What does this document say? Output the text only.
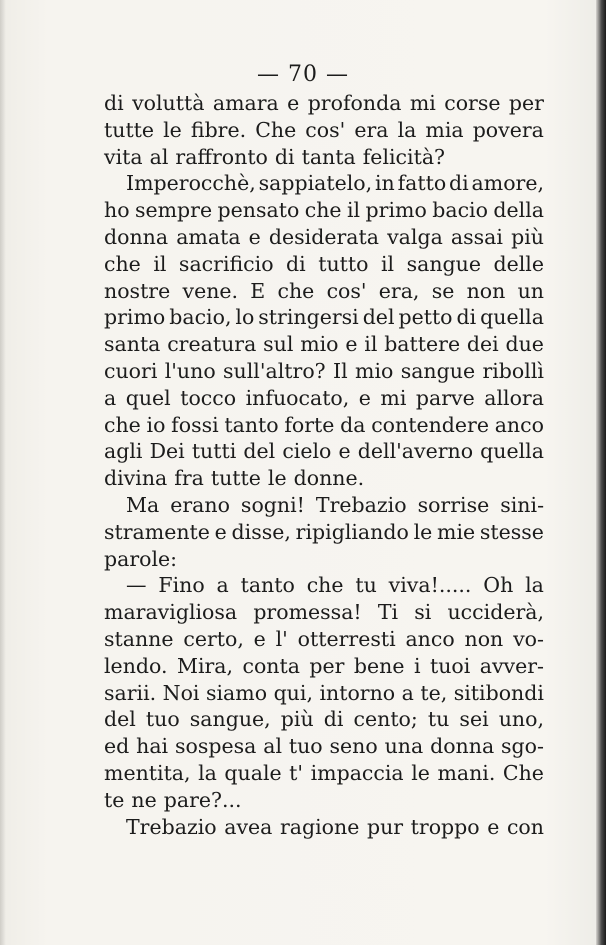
— 70 —
di voluttà amara e profonda mi corse per
tutte le fibre. Che cos' era la mia povera
vita al raffronto di tanta felicità?
Imperocchè, sappiatelo, in fatto di amore,
ho sempre pensato che il primo bacio della
donna amata e desiderata valga assai più
che il sacrificio di tutto il sangue delle
nostre vene. E che cos' era, se non un
primo bacio, lo stringersi del petto di quella
santa creatura sul mio e il battere dei due
cuori l'uno sull'altro? Il mio sangue ribollì
a quel tocco infuocato, e mi parve allora
che io fossi tanto forte da contendere anco
agli Dei tutti del cielo e dell'averno quella
divina fra tutte le donne.
Ma erano sogni! Trebazio sorrise sini-
stramente e disse, ripigliando le mie stesse
parole:
— Fino a tanto che tu viva!..... Oh la
maravigliosa promessa! Ti si ucciderà,
stanne certo, e l' otterresti anco non vo-
lendo. Mira, conta per bene i tuoi avver-
sarii. Noi siamo qui, intorno a te, sitibondi
del tuo sangue, più di cento; tu sei uno,
ed hai sospesa al tuo seno una donna sgo-
mentita, la quale t' impaccia le mani. Che
te ne pare?...
Trebazio avea ragione pur troppo e con
